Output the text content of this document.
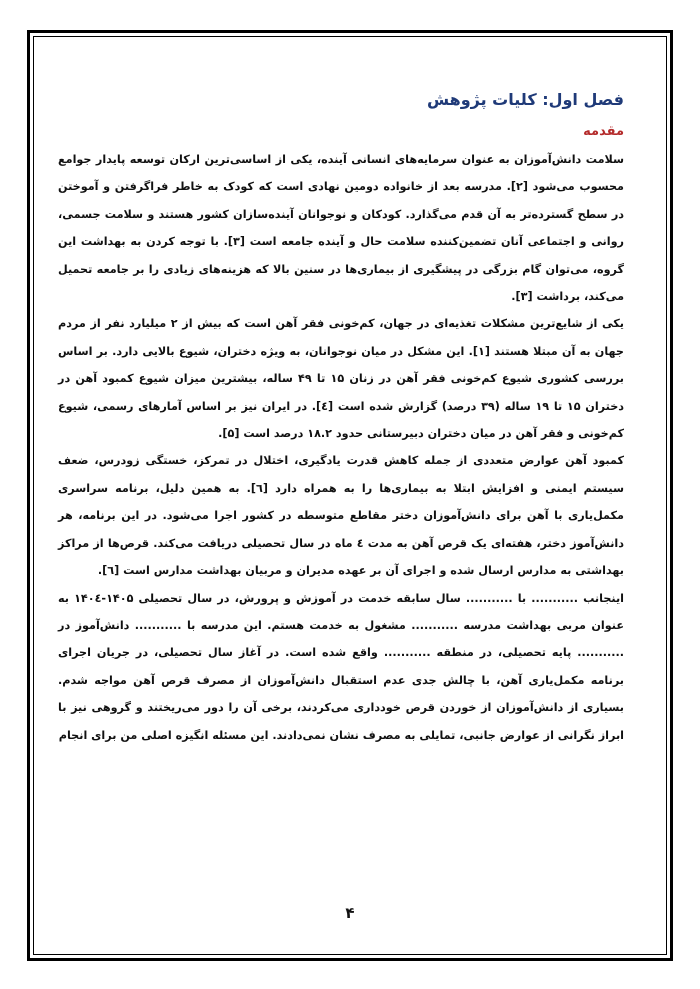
فصل اول: کلیات پژوهش
مقدمه

سلامت دانش‌آموزان به عنوان سرمایه‌های انسانی آینده، یکی از اساسی‌ترین ارکان توسعه پایدار جوامع محسوب می‌شود [۲]. مدرسه بعد از خانواده دومین نهادی است که کودک به خاطر فراگرفتن و آموختن در سطح گسترده‌تر به آن قدم می‌گذارد. کودکان و نوجوانان آینده‌سازان کشور هستند و سلامت جسمی، روانی و اجتماعی آنان تضمین‌کننده سلامت حال و آینده جامعه است [۳]. با توجه کردن به بهداشت این گروه، می‌توان گام بزرگی در پیشگیری از بیماری‌ها در سنین بالا که هزینه‌های زیادی را بر جامعه تحمیل می‌کند، برداشت [۳].

یکی از شایع‌ترین مشکلات تغذیه‌ای در جهان، کم‌خونی فقر آهن است که بیش از ۲ میلیارد نفر از مردم جهان به آن مبتلا هستند [۱]. این مشکل در میان نوجوانان، به ویژه دختران، شیوع بالایی دارد. بر اساس بررسی کشوری شیوع کم‌خونی فقر آهن در زنان ۱۵ تا ۴۹ ساله، بیشترین میزان شیوع کمبود آهن در دختران ۱۵ تا ۱۹ ساله (۳۹ درصد) گزارش شده است [٤]. در ایران نیز بر اساس آمارهای رسمی، شیوع کم‌خونی و فقر آهن در میان دختران دبیرستانی حدود ۱۸.۲ درصد است [۵].

کمبود آهن عوارض متعددی از جمله کاهش قدرت یادگیری، اختلال در تمرکز، خستگی زودرس، ضعف سیستم ایمنی و افزایش ابتلا به بیماری‌ها را به همراه دارد [٦]. به همین دلیل، برنامه سراسری مکمل‌یاری با آهن برای دانش‌آموزان دختر مقاطع متوسطه در کشور اجرا می‌شود. در این برنامه، هر دانش‌آموز دختر، هفته‌ای یک قرص آهن به مدت ٤ ماه در سال تحصیلی دریافت می‌کند. قرص‌ها از مراکز بهداشتی به مدارس ارسال شده و اجرای آن بر عهده مدیران و مربیان بهداشت مدارس است [٦].

اینجانب ........... با ........... سال سابقه خدمت در آموزش و پرورش، در سال تحصیلی ۱۴۰۵-۱۴۰٤ به عنوان مربی بهداشت مدرسه ........... مشغول به خدمت هستم. این مدرسه با ........... دانش‌آموز در ........... پایه تحصیلی، در منطقه ........... واقع شده است. در آغاز سال تحصیلی، در جریان اجرای برنامه مکمل‌یاری آهن، با چالش جدی عدم استقبال دانش‌آموزان از مصرف قرص آهن مواجه شدم. بسیاری از دانش‌آموزان از خوردن قرص خودداری می‌کردند، برخی آن را دور می‌ریختند و گروهی نیز با ابراز نگرانی از عوارض جانبی، تمایلی به مصرف نشان نمی‌دادند. این مسئله انگیزه اصلی من برای انجام

۴
